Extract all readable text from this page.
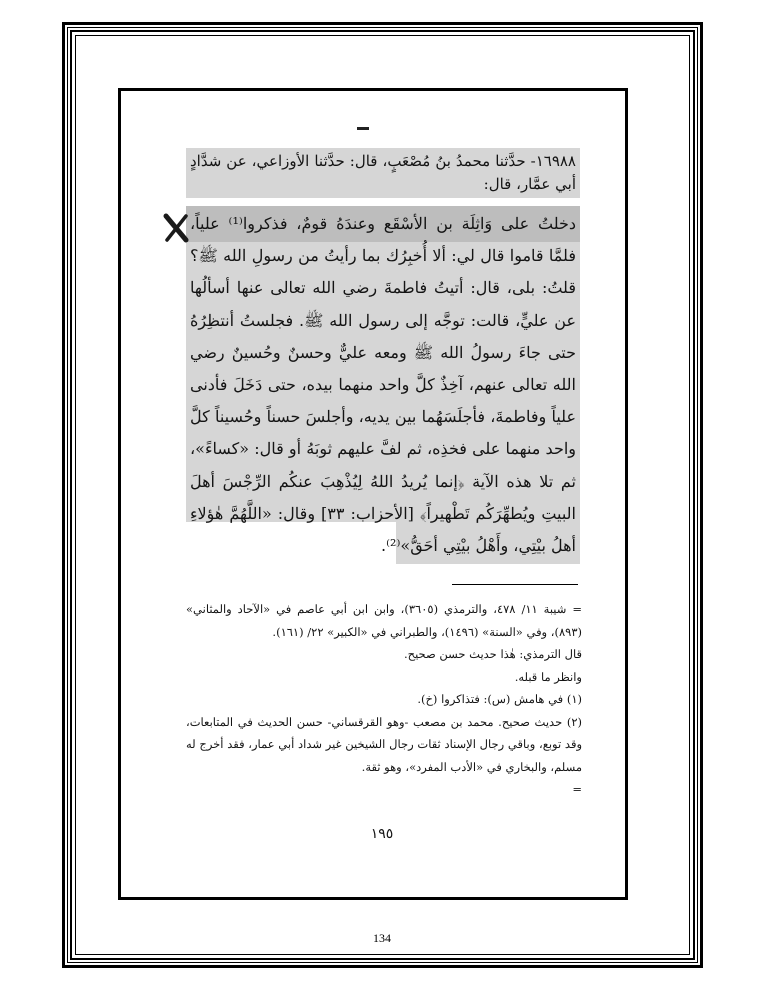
١٦٩٨٨- حدَّثنا محمدُ بنُ مُصْعَبٍ، قال: حدَّثنا الأوزاعي، عن شدَّادٍ أبي عمَّار، قال:

دخلتُ على وَاثِلَة بن الأسْقَع وعندَهُ قومٌ، فذكروا⁽¹⁾ علياً، فلمَّا قاموا قال لي: ألا أُخبِرُك بما رأيتُ من رسولِ الله ﷺ؟ قلتُ: بلى، قال: أتيتُ فاطمةَ رضي الله تعالى عنها أسألُها عن عليٍّ، قالت: توجَّه إلى رسول الله ﷺ. فجلستُ أنتظِرُهُ حتى جاءَ رسولُ الله ﷺ ومعه عليٌّ وحسنٌ وحُسينٌ رضي الله تعالى عنهم، آخِذٌ كلَّ واحد منهما بيده، حتى دَخَلَ فأدنى علياً وفاطمةَ، فأجلَسَهُما بين يديه، وأجلسَ حسناً وحُسيناً كلَّ واحد منهما على فخذِه، ثم لفَّ عليهم ثوبَهُ أو قال: «كساءً»، ثم تلا هذه الآية ﴿إنما يُريدُ اللهُ لِيُذْهِبَ عنكُم الرِّجْسَ أهلَ البيتِ ويُطهِّرَكُم تَطْهيراً﴾ [الأحزاب: ٣٣] وقال: «اللَّهُمَّ هٰؤلاءِ أهلُ بيْتِي، وأَهْلُ بيْتِي أحَقُّ»⁽²⁾.

= شيبة ١١/ ٤٧٨، والترمذي (٣٦٠٥)، وابن ابن أبي عاصم في «الآحاد والمثاني» (٨٩٣)، وفي «السنة» (١٤٩٦)، والطبراني في «الكبير» ٢٢/ (١٦١).

قال الترمذي: هٰذا حديث حسن صحيح.

وانظر ما قبله.

(١) في هامش (س): فتذاكروا (خ).

(٢) حديث صحيح. محمد بن مصعب -وهو القرقساني- حسن الحديث في المتابعات، وقد توبع، وباقي رجال الإسناد ثقات رجال الشيخين غير شداد أبي عمار، فقد أخرج له مسلم، والبخاري في «الأدب المفرد»، وهو ثقة.

=

١٩٥
134
